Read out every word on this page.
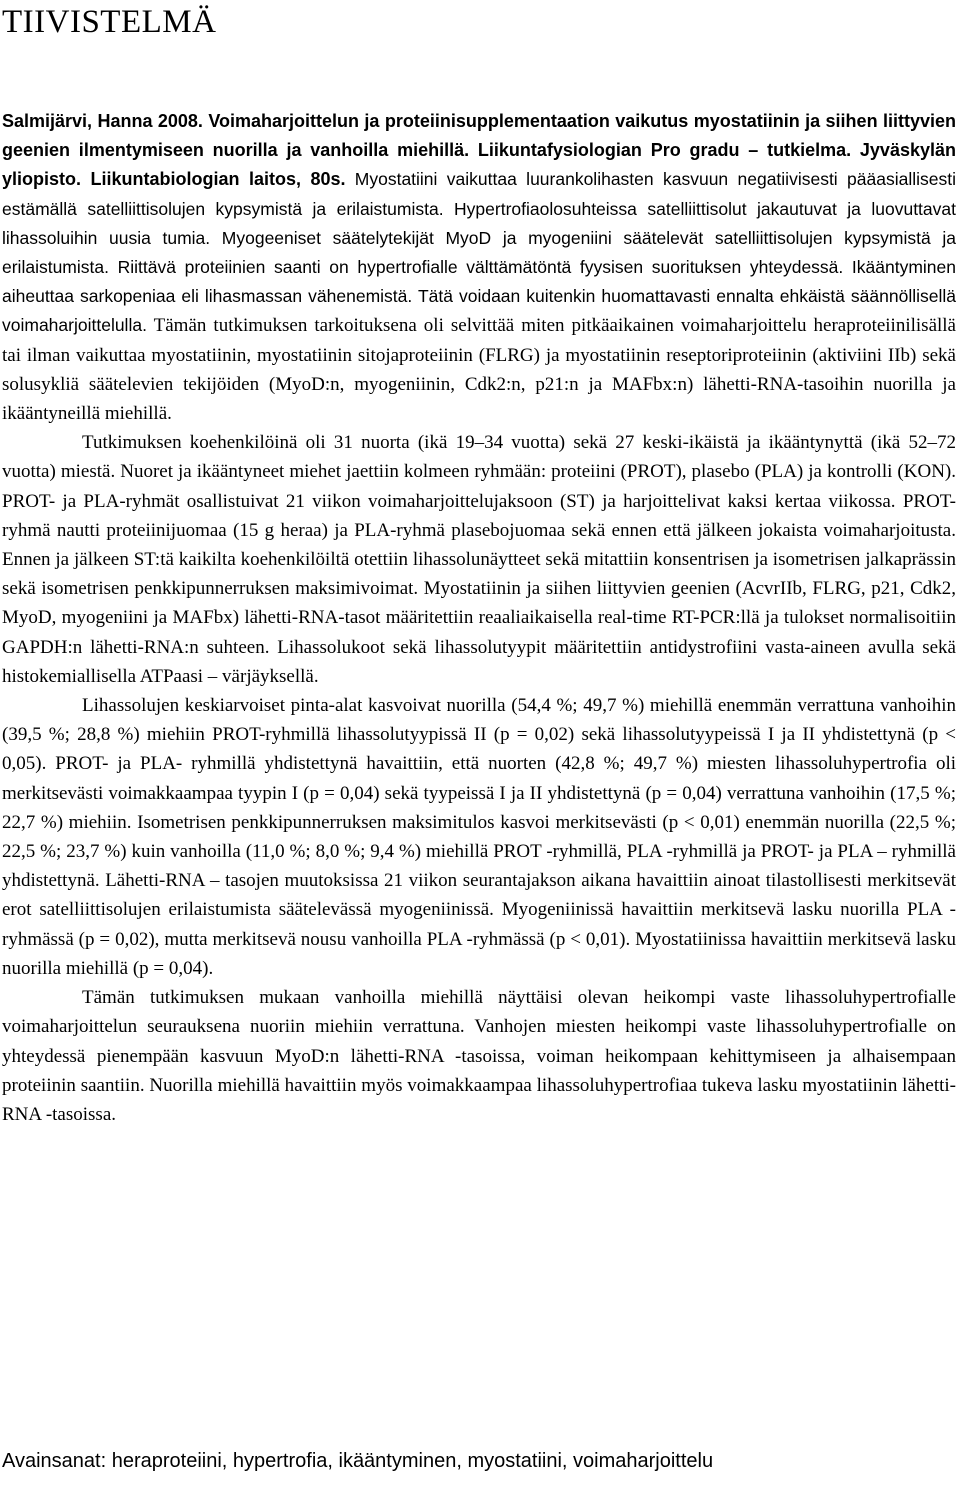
TIIVISTELMÄ

Salmijärvi, Hanna 2008. Voimaharjoittelun ja proteiinisupplementaation vaikutus myostatiinin ja siihen liittyvien geenien ilmentymiseen nuorilla ja vanhoilla miehillä. Liikuntafysiologian Pro gradu – tutkielma. Jyväskylän yliopisto. Liikuntabiologian laitos, 80s. Myostatiini vaikuttaa luurankolihasten kasvuun negatiivisesti pääasiallisesti estämällä satelliittisolujen kypsymistä ja erilaistumista. Hypertrofiaolosuhteissa satelliittisolut jakautuvat ja luovuttavat lihassoluihin uusia tumia. Myogeeniset säätelytekijät MyoD ja myogeniini säätelevät satelliittisolujen kypsymistä ja erilaistumista. Riittävä proteiinien saanti on hypertrofialle välttämätöntä fyysisen suorituksen yhteydessä. Ikääntyminen aiheuttaa sarkopeniaa eli lihasmassan vähenemistä. Tätä voidaan kuitenkin huomattavasti ennalta ehkäistä säännöllisellä voimaharjoittelulla. Tämän tutkimuksen tarkoituksena oli selvittää miten pitkäaikainen voimaharjoittelu heraproteiinilisällä tai ilman vaikuttaa myostatiinin, myostatiinin sitojaproteiinin (FLRG) ja myostatiinin reseptoriproteiinin (aktiviini IIb) sekä solusykliä säätelevien tekijöiden (MyoD:n, myogeniinin, Cdk2:n, p21:n ja MAFbx:n) lähetti-RNA-tasoihin nuorilla ja ikääntyneillä miehillä.

Tutkimuksen koehenkilöinä oli 31 nuorta (ikä 19–34 vuotta) sekä 27 keski-ikäistä ja ikääntynyttä (ikä 52–72 vuotta) miestä. Nuoret ja ikääntyneet miehet jaettiin kolmeen ryhmään: proteiini (PROT), plasebo (PLA) ja kontrolli (KON). PROT- ja PLA-ryhmät osallistuivat 21 viikon voimaharjoittelujaksoon (ST) ja harjoittelivat kaksi kertaa viikossa. PROT-ryhmä nautti proteiinijuomaa (15 g heraa) ja PLA-ryhmä plasebojuomaa sekä ennen että jälkeen jokaista voimaharjoitusta. Ennen ja jälkeen ST:tä kaikilta koehenkilöiltä otettiin lihassolunäytteet sekä mitattiin konsentrisen ja isometrisen jalkaprässin sekä isometrisen penkkipunnerruksen maksimivoimat. Myostatiinin ja siihen liittyvien geenien (AcvrIIb, FLRG, p21, Cdk2, MyoD, myogeniini ja MAFbx) lähetti-RNA-tasot määritettiin reaaliaikaisella real-time RT-PCR:llä ja tulokset normalisoitiin GAPDH:n lähetti-RNA:n suhteen. Lihassolukoot sekä lihassolutyypit määritettiin antidystrofiini vasta-aineen avulla sekä histokemiallisella ATPaasi – värjäyksellä.

Lihassolujen keskiarvoiset pinta-alat kasvoivat nuorilla (54,4 %; 49,7 %) miehillä enemmän verrattuna vanhoihin (39,5 %; 28,8 %) miehiin PROT-ryhmillä lihassolutyypissä II (p = 0,02) sekä lihassolutyypeissä I ja II yhdistettynä (p < 0,05). PROT- ja PLA- ryhmillä yhdistettynä havaittiin, että nuorten (42,8 %; 49,7 %) miesten lihassoluhypertrofia oli merkitsevästi voimakkaampaa tyypin I (p = 0,04) sekä tyypeissä I ja II yhdistettynä (p = 0,04) verrattuna vanhoihin (17,5 %; 22,7 %) miehiin. Isometrisen penkkipunnerruksen maksimitulos kasvoi merkitsevästi (p < 0,01) enemmän nuorilla (22,5 %; 22,5 %; 23,7 %) kuin vanhoilla (11,0 %; 8,0 %; 9,4 %) miehillä PROT -ryhmillä, PLA -ryhmillä ja PROT- ja PLA – ryhmillä yhdistettynä. Lähetti-RNA – tasojen muutoksissa 21 viikon seurantajakson aikana havaittiin ainoat tilastollisesti merkitsevät erot satelliittisolujen erilaistumista säätelevässä myogeniinissä. Myogeniinissä havaittiin merkitsevä lasku nuorilla PLA -ryhmässä (p = 0,02), mutta merkitsevä nousu vanhoilla PLA -ryhmässä (p < 0,01). Myostatiinissa havaittiin merkitsevä lasku nuorilla miehillä (p = 0,04).

Tämän tutkimuksen mukaan vanhoilla miehillä näyttäisi olevan heikompi vaste lihassoluhypertrofialle voimaharjoittelun seurauksena nuoriin miehiin verrattuna. Vanhojen miesten heikompi vaste lihassoluhypertrofialle on yhteydessä pienempään kasvuun MyoD:n lähetti-RNA -tasoissa, voiman heikompaan kehittymiseen ja alhaisempaan proteiinin saantiin. Nuorilla miehillä havaittiin myös voimakkaampaa lihassoluhypertrofiaa tukeva lasku myostatiinin lähetti-RNA -tasoissa.

Avainsanat: heraproteiini, hypertrofia, ikääntyminen, myostatiini, voimaharjoittelu
